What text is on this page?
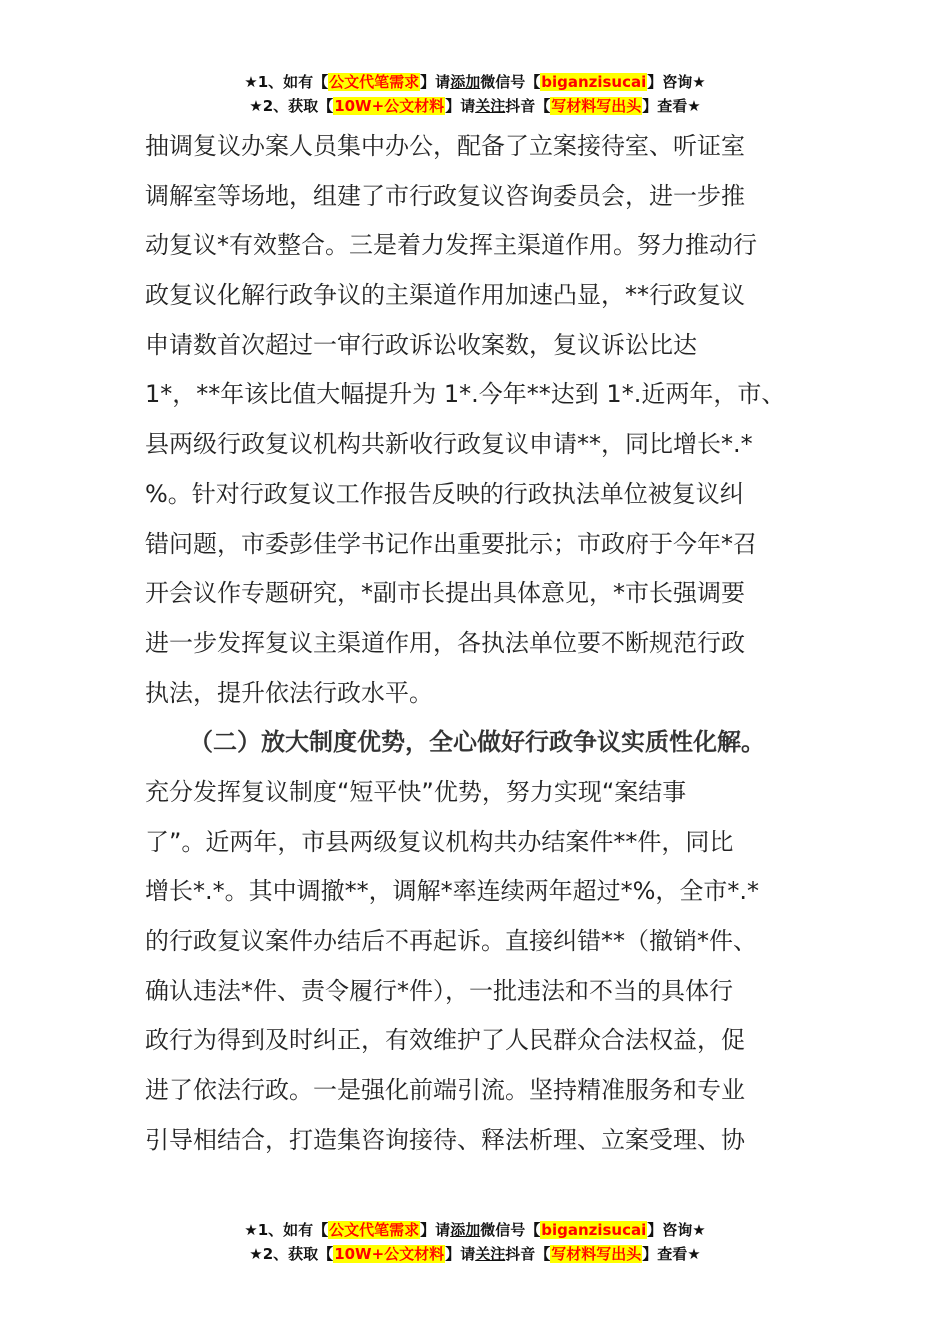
★1、如有【公文代笔需求】请添加微信号【biganzisucai】咨询★
★2、获取【10W+公文材料】请关注抖音【写材料写出头】查看★
抽调复议办案人员集中办公，配备了立案接待室、听证室
调解室等场地，组建了市行政复议咨询委员会，进一步推
动复议*有效整合。三是着力发挥主渠道作用。努力推动行
政复议化解行政争议的主渠道作用加速凸显，**行政复议
申请数首次超过一审行政诉讼收案数，复议诉讼比达
1*，**年该比值大幅提升为 1*.今年**达到 1*.近两年，市、
县两级行政复议机构共新收行政复议申请**，同比增长*.*
%。针对行政复议工作报告反映的行政执法单位被复议纠
错问题，市委彭佳学书记作出重要批示；市政府于今年*召
开会议作专题研究，*副市长提出具体意见，*市长强调要
进一步发挥复议主渠道作用，各执法单位要不断规范行政
执法，提升依法行政水平。
（二）放大制度优势，全心做好行政争议实质性化解。
充分发挥复议制度“短平快”优势，努力实现“案结事
了”。近两年，市县两级复议机构共办结案件**件，同比
增长*.*。其中调撤**，调解*率连续两年超过*%，全市*.*
的行政复议案件办结后不再起诉。直接纠错**（撤销*件、
确认违法*件、责令履行*件），一批违法和不当的具体行
政行为得到及时纠正，有效维护了人民群众合法权益，促
进了依法行政。一是强化前端引流。坚持精准服务和专业
引导相结合，打造集咨询接待、释法析理、立案受理、协
★1、如有【公文代笔需求】请添加微信号【biganzisucai】咨询★
★2、获取【10W+公文材料】请关注抖音【写材料写出头】查看★
